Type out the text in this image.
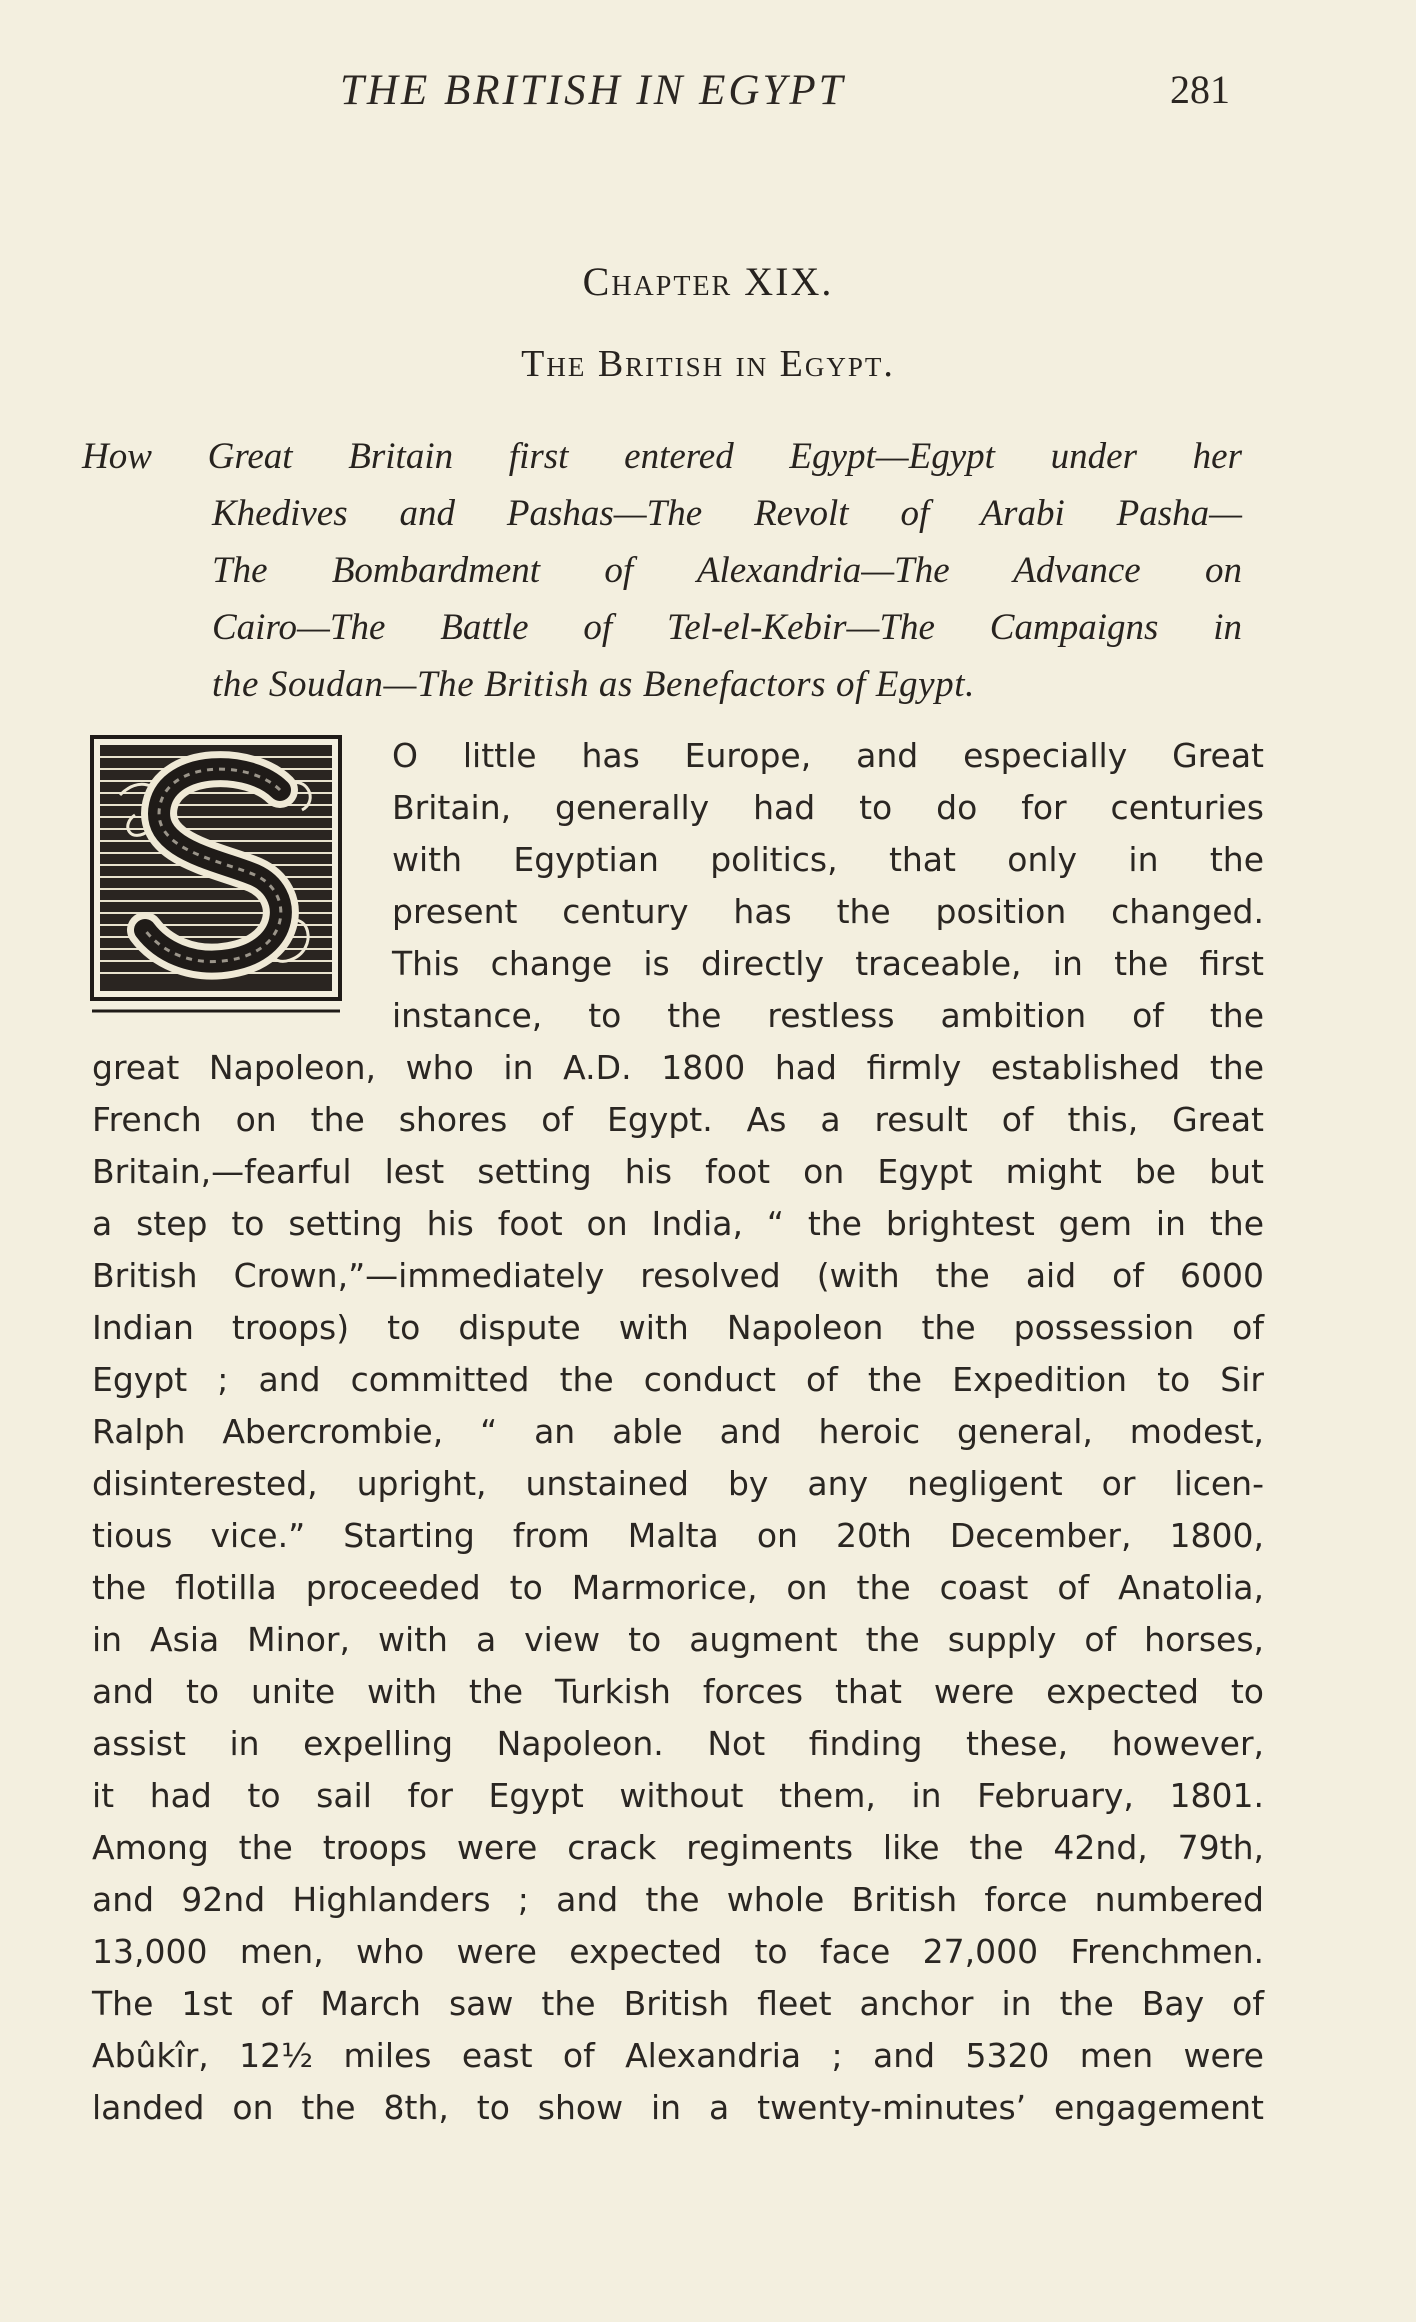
THE BRITISH IN EGYPT	281
Chapter XIX.
The British in Egypt.
How Great Britain first entered Egypt—Egypt under her
Khedives and Pashas—The Revolt of Arabi Pasha—
The Bombardment of Alexandria—The Advance on
Cairo—The Battle of Tel-el-Kebir—The Campaigns in
the Soudan—The British as Benefactors of Egypt.
S
O little has Europe, and especially Great
Britain, generally had to do for centuries
with Egyptian politics, that only in the
present century has the position changed.
This change is directly traceable, in the first
instance, to the restless ambition of the
great Napoleon, who in A.D. 1800 had firmly established the
French on the shores of Egypt. As a result of this, Great
Britain,—fearful lest setting his foot on Egypt might be but
a step to setting his foot on India, “ the brightest gem in the
British Crown,”—immediately resolved (with the aid of 6000
Indian troops) to dispute with Napoleon the possession of
Egypt ; and committed the conduct of the Expedition to Sir
Ralph Abercrombie, “ an able and heroic general, modest,
disinterested, upright, unstained by any negligent or licen-
tious vice.” Starting from Malta on 20th December, 1800,
the flotilla proceeded to Marmorice, on the coast of Anatolia,
in Asia Minor, with a view to augment the supply of horses,
and to unite with the Turkish forces that were expected to
assist in expelling Napoleon. Not finding these, however,
it had to sail for Egypt without them, in February, 1801.
Among the troops were crack regiments like the 42nd, 79th,
and 92nd Highlanders ; and the whole British force numbered
13,000 men, who were expected to face 27,000 Frenchmen.
The 1st of March saw the British fleet anchor in the Bay of
Abûkîr, 12½ miles east of Alexandria ; and 5320 men were
landed on the 8th, to show in a twenty-minutes’ engagement
